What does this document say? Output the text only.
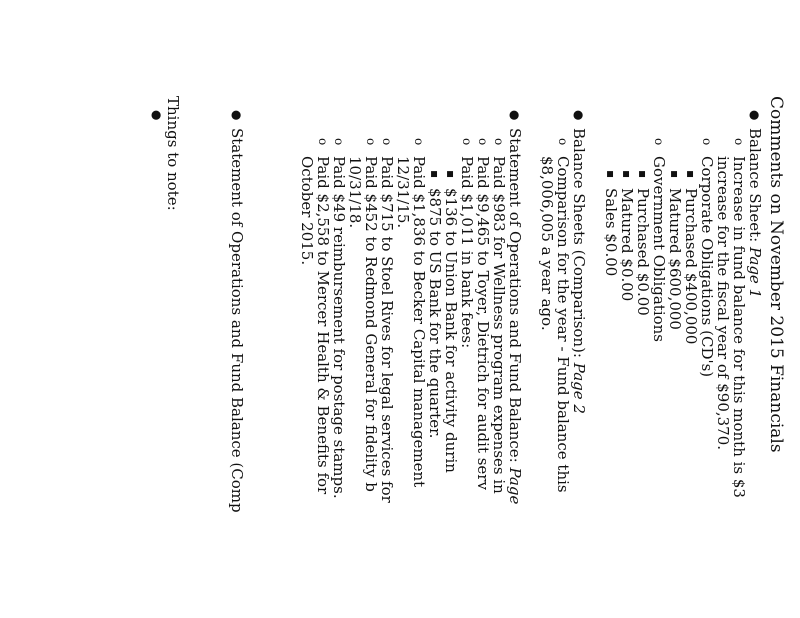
Comments on November 2015 Financials
●
Balance Sheet: Page 1
o
Increase in fund balance for this month is $3
increase for the fiscal year of $90,370.
o
Corporate Obligations (CD's)
▪
Purchased $400,000
▪
Matured $600,000
o
Government Obligations
▪
Purchased $0.00
▪
Matured $0.00
▪
Sales $0.00
●
Balance Sheets (Comparison): Page 2
o
Comparison for the year - Fund balance this
$8,006,005 a year ago.
●
Statement of Operations and Fund Balance: Page
o
Paid $983 for Wellness program expenses in
o
Paid $9,465 to Toyer, Dietrich for audit serv
o
Paid $1,011 in bank fees:
▪
$136 to Union Bank for activity durin
▪
$875 to US Bank for the quarter.
o
Paid $1,836 to Becker Capital management
12/31/15.
o
Paid $715 to Stoel Rives for legal services for
o
Paid $452 to Redmond General for fidelity b
10/31/18.
o
Paid $49 reimbursement for postage stamps.
o
Paid $2,558 to Mercer Health & Benefits for
October 2015.
●
Statement of Operations and Fund Balance (Comp
Things to note:
●
